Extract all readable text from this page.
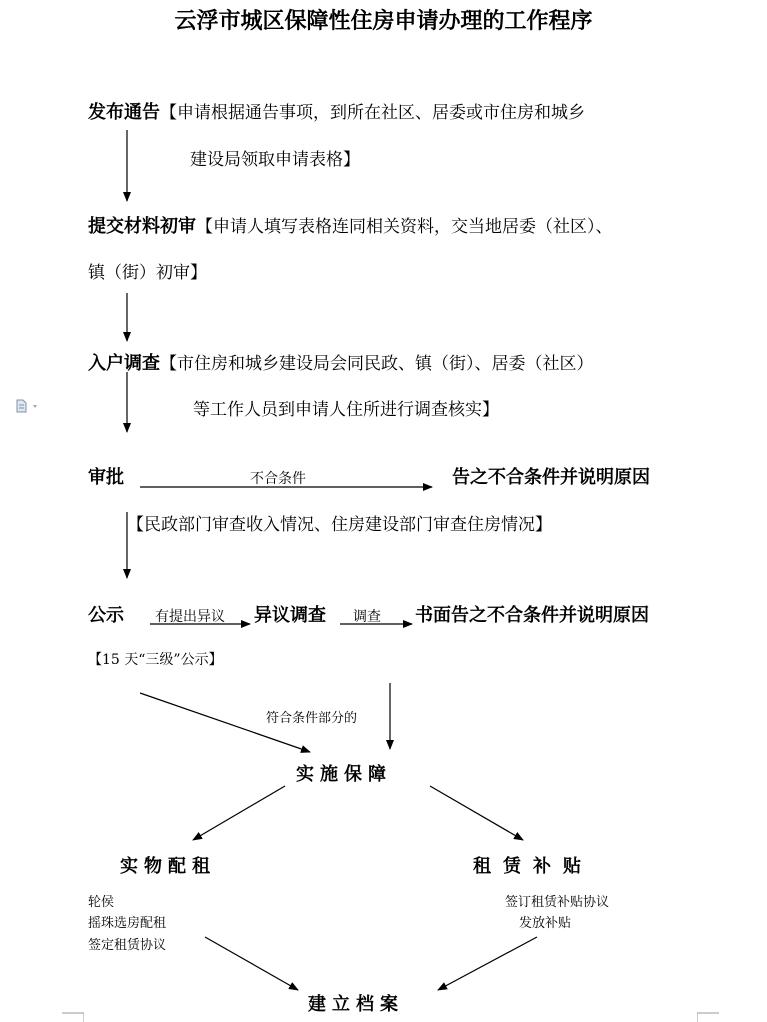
云浮市城区保障性住房申请办理的工作程序
发布通告【申请根据通告事项，到所在社区、居委或市住房和城乡
建设局领取申请表格】
提交材料初审【申请人填写表格连同相关资料，交当地居委（社区）、
镇（街）初审】
入户调查【市住房和城乡建设局会同民政、镇（街）、居委（社区）
等工作人员到申请人住所进行调查核实】
审批	不合条件	告之不合条件并说明原因
【民政部门审查收入情况、住房建设部门审查住房情况】
公示 有提出异议 异议调查 调查 书面告之不合条件并说明原因
【15 天“三级”公示】
符合条件部分的
实施保障
实物配租
轮侯
摇珠选房配租
签定租赁协议
租赁补贴
签订租赁补贴协议
发放补贴
建立档案
